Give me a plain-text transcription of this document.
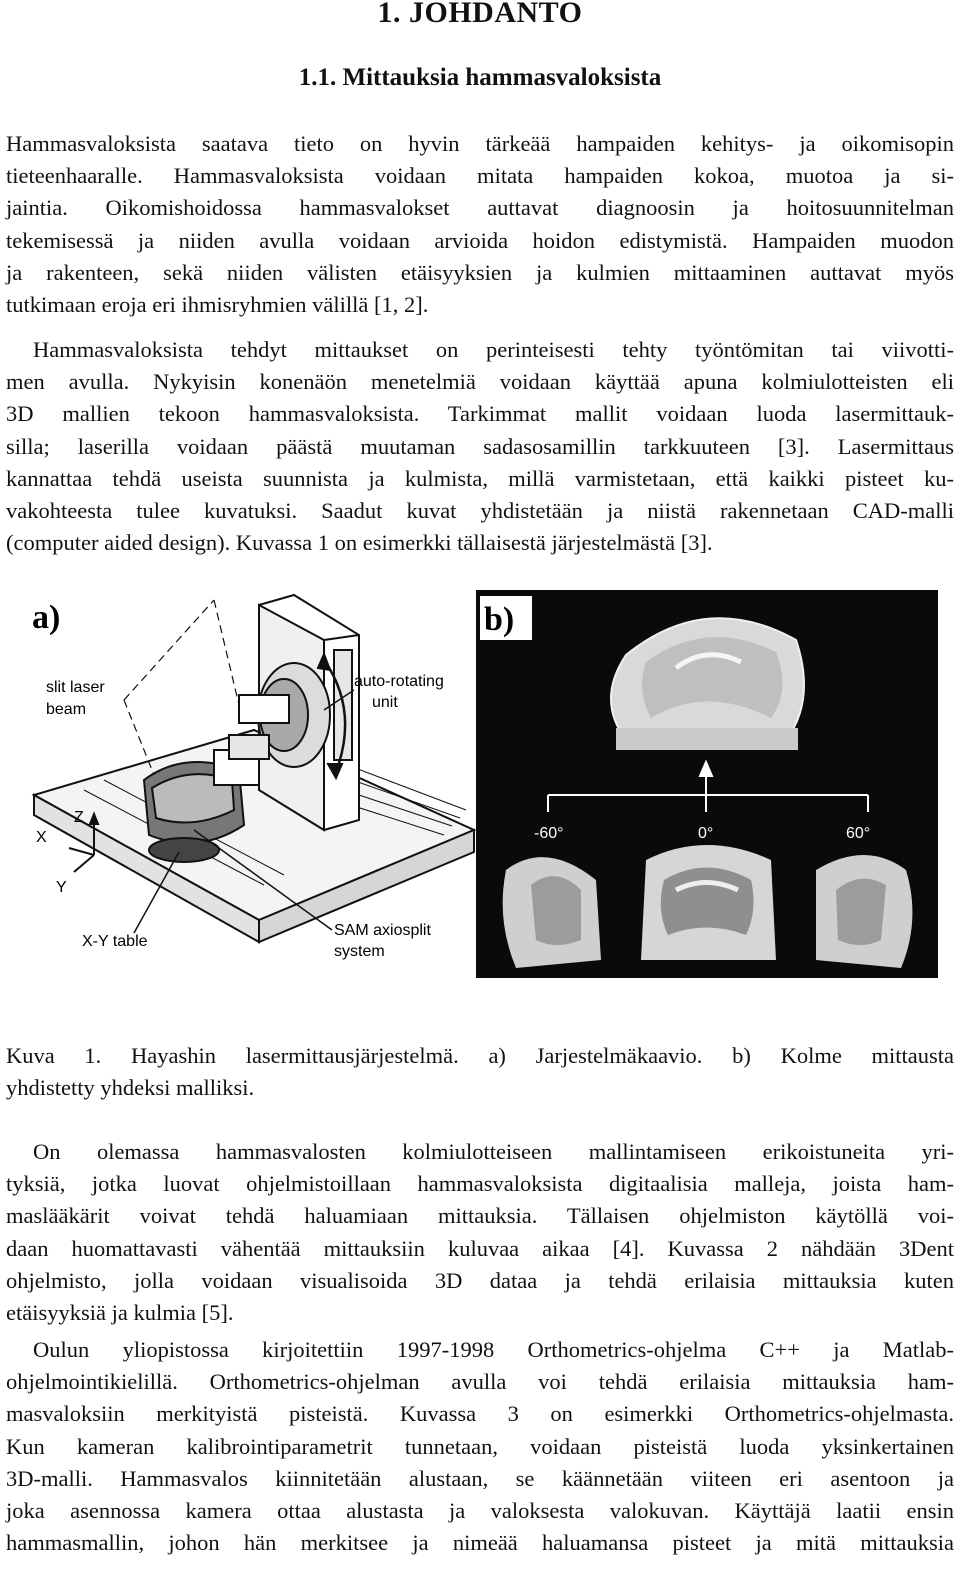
1. JOHDANTO
1.1. Mittauksia hammasvaloksista
Hammasvaloksista saatava tieto on hyvin tärkeää hampaiden kehitys- ja oikomisopin
tieteenhaaralle. Hammasvaloksista voidaan mitata hampaiden kokoa, muotoa ja si-
jaintia. Oikomishoidossa hammasvalokset auttavat diagnoosin ja hoitosuunnitelman
tekemisessä ja niiden avulla voidaan arvioida hoidon edistymistä. Hampaiden muodon
ja rakenteen, sekä niiden välisten etäisyyksien ja kulmien mittaaminen auttavat myös
tutkimaan eroja eri ihmisryhmien välillä [1, 2].
Hammasvaloksista tehdyt mittaukset on perinteisesti tehty työntömitan tai viivotti-
men avulla. Nykyisin konenäön menetelmiä voidaan käyttää apuna kolmiulotteisten eli
3D mallien tekoon hammasvaloksista. Tarkimmat mallit voidaan luoda lasermittauk-
silla; laserilla voidaan päästä muutaman sadasosamillin tarkkuuteen [3]. Lasermittaus
kannattaa tehdä useista suunnista ja kulmista, millä varmistetaan, että kaikki pisteet ku-
vakohteesta tulee kuvatuksi. Saadut kuvat yhdistetään ja niistä rakennetaan CAD-malli
(computer aided design). Kuvassa 1 on esimerkki tällaisestä järjestelmästä [3].
a)
Z
X
Y
slit laser
beam
auto-rotating
unit
X-Y table
SAM axiosplit
system
b)
-60°	0°	60°
Kuva 1. Hayashin lasermittausjärjestelmä. a) Jarjestelmäkaavio. b) Kolme mittausta
yhdistetty yhdeksi malliksi.
On olemassa hammasvalosten kolmiulotteiseen mallintamiseen erikoistuneita yri-
tyksiä, jotka luovat ohjelmistoillaan hammasvaloksista digitaalisia malleja, joista ham-
maslääkärit voivat tehdä haluamiaan mittauksia. Tällaisen ohjelmiston käytöllä voi-
daan huomattavasti vähentää mittauksiin kuluvaa aikaa [4]. Kuvassa 2 nähdään 3Dent
ohjelmisto, jolla voidaan visualisoida 3D dataa ja tehdä erilaisia mittauksia kuten
etäisyyksiä ja kulmia [5].
Oulun yliopistossa kirjoitettiin 1997-1998 Orthometrics-ohjelma C++ ja Matlab-
ohjelmointikielillä. Orthometrics-ohjelman avulla voi tehdä erilaisia mittauksia ham-
masvaloksiin merkityistä pisteistä. Kuvassa 3 on esimerkki Orthometrics-ohjelmasta.
Kun kameran kalibrointiparametrit tunnetaan, voidaan pisteistä luoda yksinkertainen
3D-malli. Hammasvalos kiinnitetään alustaan, se käännetään viiteen eri asentoon ja
joka asennossa kamera ottaa alustasta ja valoksesta valokuvan. Käyttäjä laatii ensin
hammasmallin, johon hän merkitsee ja nimeää haluamansa pisteet ja mitä mittauksia
